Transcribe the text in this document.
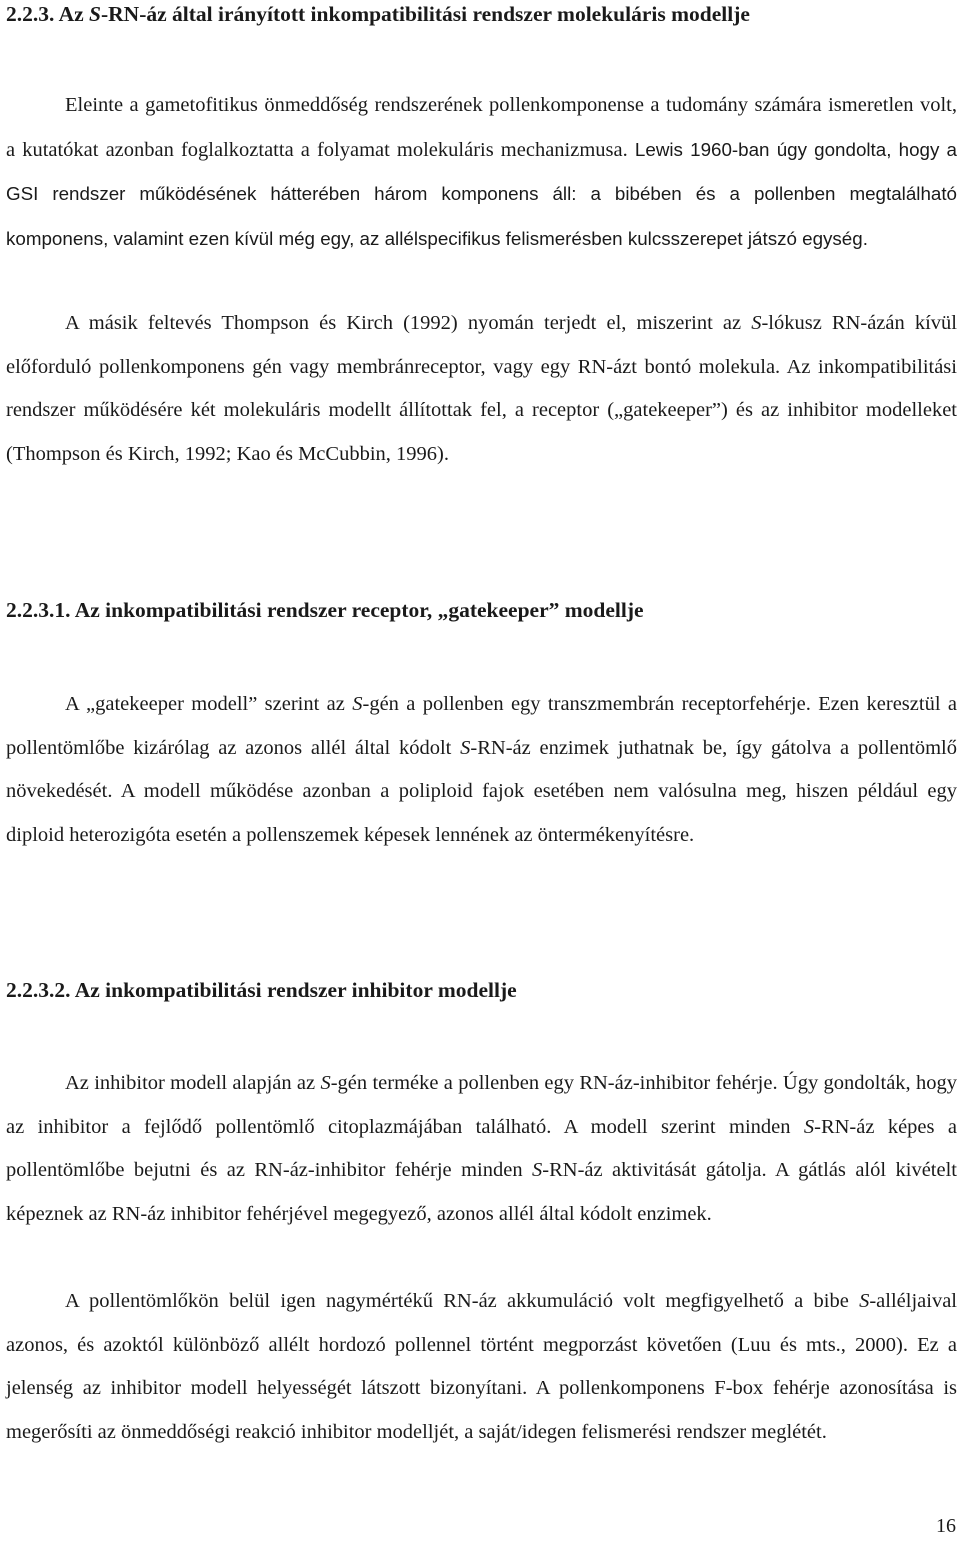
2.2.3. Az S-RN-áz által irányított inkompatibilitási rendszer molekuláris modellje

Eleinte a gametofitikus önmeddőség rendszerének pollenkomponense a tudomány számára ismeretlen volt, a kutatókat azonban foglalkoztatta a folyamat molekuláris mechanizmusa. Lewis 1960-ban úgy gondolta, hogy a GSI rendszer működésének hátterében három komponens áll: a bibében és a pollenben megtalálható komponens, valamint ezen kívül még egy, az allélspecifikus felismerésben kulcsszerepet játszó egység.

A másik feltevés Thompson és Kirch (1992) nyomán terjedt el, miszerint az S-lókusz RN-ázán kívül előforduló pollenkomponens gén vagy membránreceptor, vagy egy RN-ázt bontó molekula. Az inkompatibilitási rendszer működésére két molekuláris modellt állítottak fel, a receptor („gatekeeper”) és az inhibitor modelleket (Thompson és Kirch, 1992; Kao és McCubbin, 1996).

2.2.3.1. Az inkompatibilitási rendszer receptor, „gatekeeper” modellje

A „gatekeeper modell” szerint az S-gén a pollenben egy transzmembrán receptorfehérje. Ezen keresztül a pollentömlőbe kizárólag az azonos allél által kódolt S-RN-áz enzimek juthatnak be, így gátolva a pollentömlő növekedését. A modell működése azonban a poliploid fajok esetében nem valósulna meg, hiszen például egy diploid heterozigóta esetén a pollenszemek képesek lennének az öntermékenyítésre.

2.2.3.2. Az inkompatibilitási rendszer inhibitor modellje

Az inhibitor modell alapján az S-gén terméke a pollenben egy RN-áz-inhibitor fehérje. Úgy gondolták, hogy az inhibitor a fejlődő pollentömlő citoplazmájában található. A modell szerint minden S-RN-áz képes a pollentömlőbe bejutni és az RN-áz-inhibitor fehérje minden S-RN-áz aktivitását gátolja. A gátlás alól kivételt képeznek az RN-áz inhibitor fehérjével megegyező, azonos allél által kódolt enzimek.

A pollentömlőkön belül igen nagymértékű RN-áz akkumuláció volt megfigyelhető a bibe S-alléljaival azonos, és azoktól különböző allélt hordozó pollennel történt megporzást követően (Luu és mts., 2000). Ez a jelenség az inhibitor modell helyességét látszott bizonyítani. A pollenkomponens F-box fehérje azonosítása is megerősíti az önmeddőségi reakció inhibitor modelljét, a saját/idegen felismerési rendszer meglétét.

16
